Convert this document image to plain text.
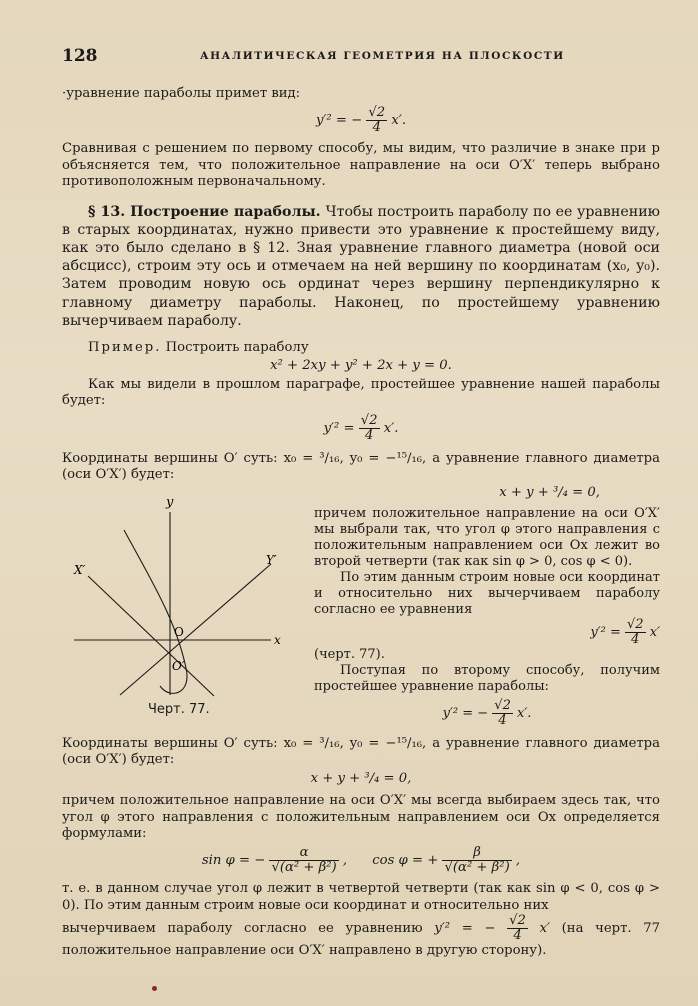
128	АНАЛИТИЧЕСКАЯ ГЕОМЕТРИЯ НА ПЛОСКОСТИ

·уравнение параболы примет вид:

y′² = − $\frac{√2}{4} x'$.

Сравнивая с решением по первому способу, мы видим, что различие в знаке при p объясняется тем, что положительное направление на оси O′X′ теперь выбрано противоположным первоначальному.

§ 13. Построение параболы. Чтобы построить параболу по ее уравнению в старых координатах, нужно привести это уравнение к простейшему виду, как это было сделано в § 12. Зная уравнение главного диаметра (новой оси абсцисс), строим эту ось и отмечаем на ней вершину по координатам (x₀, y₀). Затем проводим новую ось ординат через вершину перпендикулярно к главному диаметру параболы. Наконец, по простейшему уравнению вычерчиваем параболу.

Пример. Построить параболу

x² + 2xy + y² + 2x + y = 0.

Как мы видели в прошлом параграфе, простейшее уравнение нашей параболы будет:

$y'^2 = \frac{√2}{4} x'$.

Координаты вершины O′ суть: x₀ = ³/₁₆, y₀ = −¹⁵/₁₆, а уравнение главного диаметра (оси O′X′) будет:

x + y + ³/₄ = 0,
y
x
X′
Y′
O
O′
Черт. 77.

причем положительное направление на оси O′X′ мы выбрали так, что угол φ этого направления с положительным направлением оси Ox лежит во второй четверти (так как sin φ > 0, cos φ < 0).

По этим данным строим новые оси координат и относительно них вычерчиваем параболу согласно ее уравнения

$y'^2 = \frac{√2}{4} x'$

(черт. 77).

Поступая по второму способу, получим простейшее уравнение параболы:

y′² = − $\frac{√2}{4} x'$.

Координаты вершины O′ суть: x₀ = ³/₁₆, y₀ = −¹⁵/₁₆, а уравнение главного диаметра (оси O′X′) будет:

x + y + ³/₄ = 0,

причем положительное направление на оси O′X′ мы всегда выбираем здесь так, что угол φ этого направления с положительным направлением оси Ox определяется формулами:

sin φ = − $\frac{\alpha}{\text{√(α² + β²)}}$ ,      cos φ = + $\frac{\beta}{\text{√(α² + β²)}}$ ,

т. е. в данном случае угол φ лежит в четвертой четверти (так как sin φ < 0, cos φ > 0). По этим данным строим новые оси координат и относительно них

вычерчиваем параболу согласно ее уравнению y′² = − $\frac{√2}{4} x'$ (на черт. 77 положительное направление оси O′X′ направлено в другую сторону).
